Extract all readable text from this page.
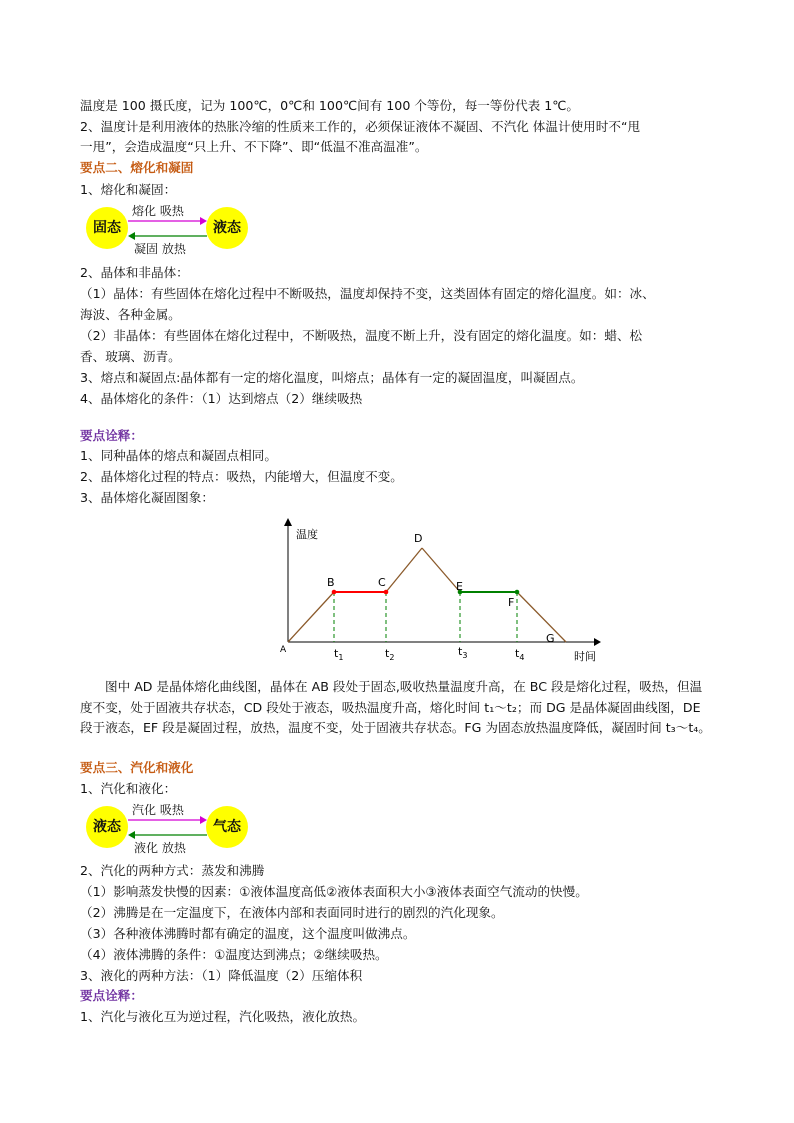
温度是 100 摄氏度，记为 100℃，0℃和 100℃间有 100 个等份，每一等份代表 1℃。
2、温度计是利用液体的热胀冷缩的性质来工作的，必须保证液体不凝固、不汽化 体温计使用时不“甩
一甩”，会造成温度“只上升、不下降”、即“低温不准高温准”。
要点二、熔化和凝固
1、熔化和凝固：
固态	液态
熔化 吸热
凝固 放热
2、晶体和非晶体：
（1）晶体：有些固体在熔化过程中不断吸热，温度却保持不变，这类固体有固定的熔化温度。如：冰、
海波、各种金属。
（2）非晶体：有些固体在熔化过程中，不断吸热，温度不断上升，没有固定的熔化温度。如：蜡、松
香、玻璃、沥青。
3、熔点和凝固点:晶体都有一定的熔化温度，叫熔点；晶体有一定的凝固温度，叫凝固点。
4、晶体熔化的条件：（1）达到熔点（2）继续吸热
要点诠释：
1、同种晶体的熔点和凝固点相同。
2、晶体熔化过程的特点：吸热，内能增大，但温度不变。
3、晶体熔化凝固图象：
温度
时间
A
B	C
D
E
F
G
$t_1$	$t_2$	$t_3$	$t_4$
图中 AD 是晶体熔化曲线图，晶体在 AB 段处于固态,吸收热量温度升高，在 BC 段是熔化过程，吸热，但温度不变，处于固液共存状态，CD 段处于液态，吸热温度升高，熔化时间 t₁～t₂；而 DG 是晶体凝固曲线图，DE 段于液态，EF 段是凝固过程，放热，温度不变，处于固液共存状态。FG 为固态放热温度降低，凝固时间 t₃～t₄。
要点三、汽化和液化
1、汽化和液化：
液态	气态
汽化 吸热
液化 放热
2、汽化的两种方式：蒸发和沸腾
（1）影响蒸发快慢的因素：①液体温度高低②液体表面积大小③液体表面空气流动的快慢。
（2）沸腾是在一定温度下，在液体内部和表面同时进行的剧烈的汽化现象。
（3）各种液体沸腾时都有确定的温度，这个温度叫做沸点。
（4）液体沸腾的条件：①温度达到沸点；②继续吸热。
3、液化的两种方法：（1）降低温度（2）压缩体积
要点诠释：
1、汽化与液化互为逆过程，汽化吸热，液化放热。
